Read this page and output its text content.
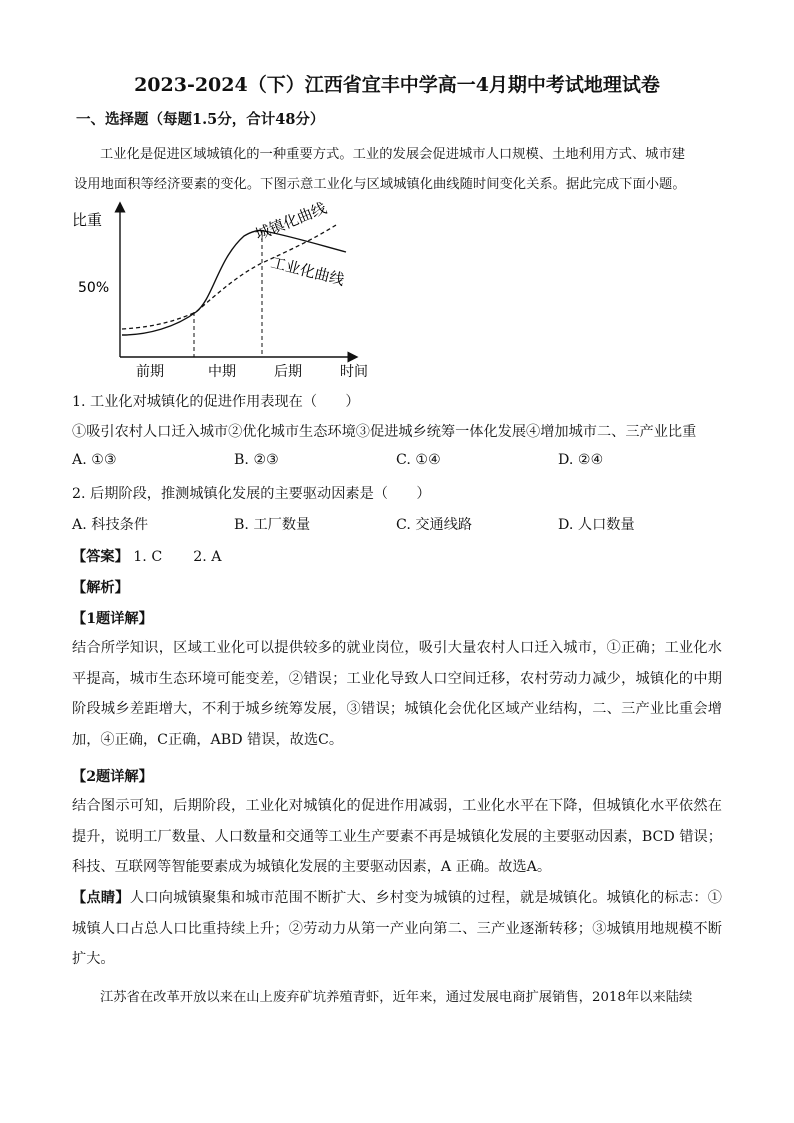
2023-2024（下）江西省宜丰中学高一4月期中考试地理试卷
一、选择题（每题1.5分，合计48分）
工业化是促进区域城镇化的一种重要方式。工业的发展会促进城市人口规模、土地利用方式、城市建
设用地面积等经济要素的变化。下图示意工业化与区域城镇化曲线随时间变化关系。据此完成下面小题。
比重
50%
前期	中期	后期	时间
城镇化曲线
工业化曲线
1. 工业化对城镇化的促进作用表现在（　　）
①吸引农村人口迁入城市②优化城市生态环境③促进城乡统筹一体化发展④增加城市二、三产业比重
A. ①③	B. ②③	C. ①④	D. ②④
2. 后期阶段，推测城镇化发展的主要驱动因素是（　　）
A. 科技条件	B. 工厂数量	C. 交通线路	D. 人口数量
【答案】 1. C 2. A
【解析】
【1题详解】
结合所学知识，区域工业化可以提供较多的就业岗位，吸引大量农村人口迁入城市，①正确；工业化水平提高，城市生态环境可能变差，②错误；工业化导致人口空间迁移，农村劳动力减少，城镇化的中期阶段城乡差距增大，不利于城乡统筹发展，③错误；城镇化会优化区域产业结构，二、三产业比重会增加，④正确，C正确，ABD 错误，故选C。
【2题详解】
结合图示可知，后期阶段，工业化对城镇化的促进作用减弱，工业化水平在下降，但城镇化水平依然在提升，说明工厂数量、人口数量和交通等工业生产要素不再是城镇化发展的主要驱动因素，BCD 错误；科技、互联网等智能要素成为城镇化发展的主要驱动因素，A 正确。故选A。
【点睛】人口向城镇聚集和城市范围不断扩大、乡村变为城镇的过程，就是城镇化。城镇化的标志：①城镇人口占总人口比重持续上升；②劳动力从第一产业向第二、三产业逐渐转移；③城镇用地规模不断扩大。
江苏省在改革开放以来在山上废弃矿坑养殖青虾，近年来，通过发展电商扩展销售，2018年以来陆续
